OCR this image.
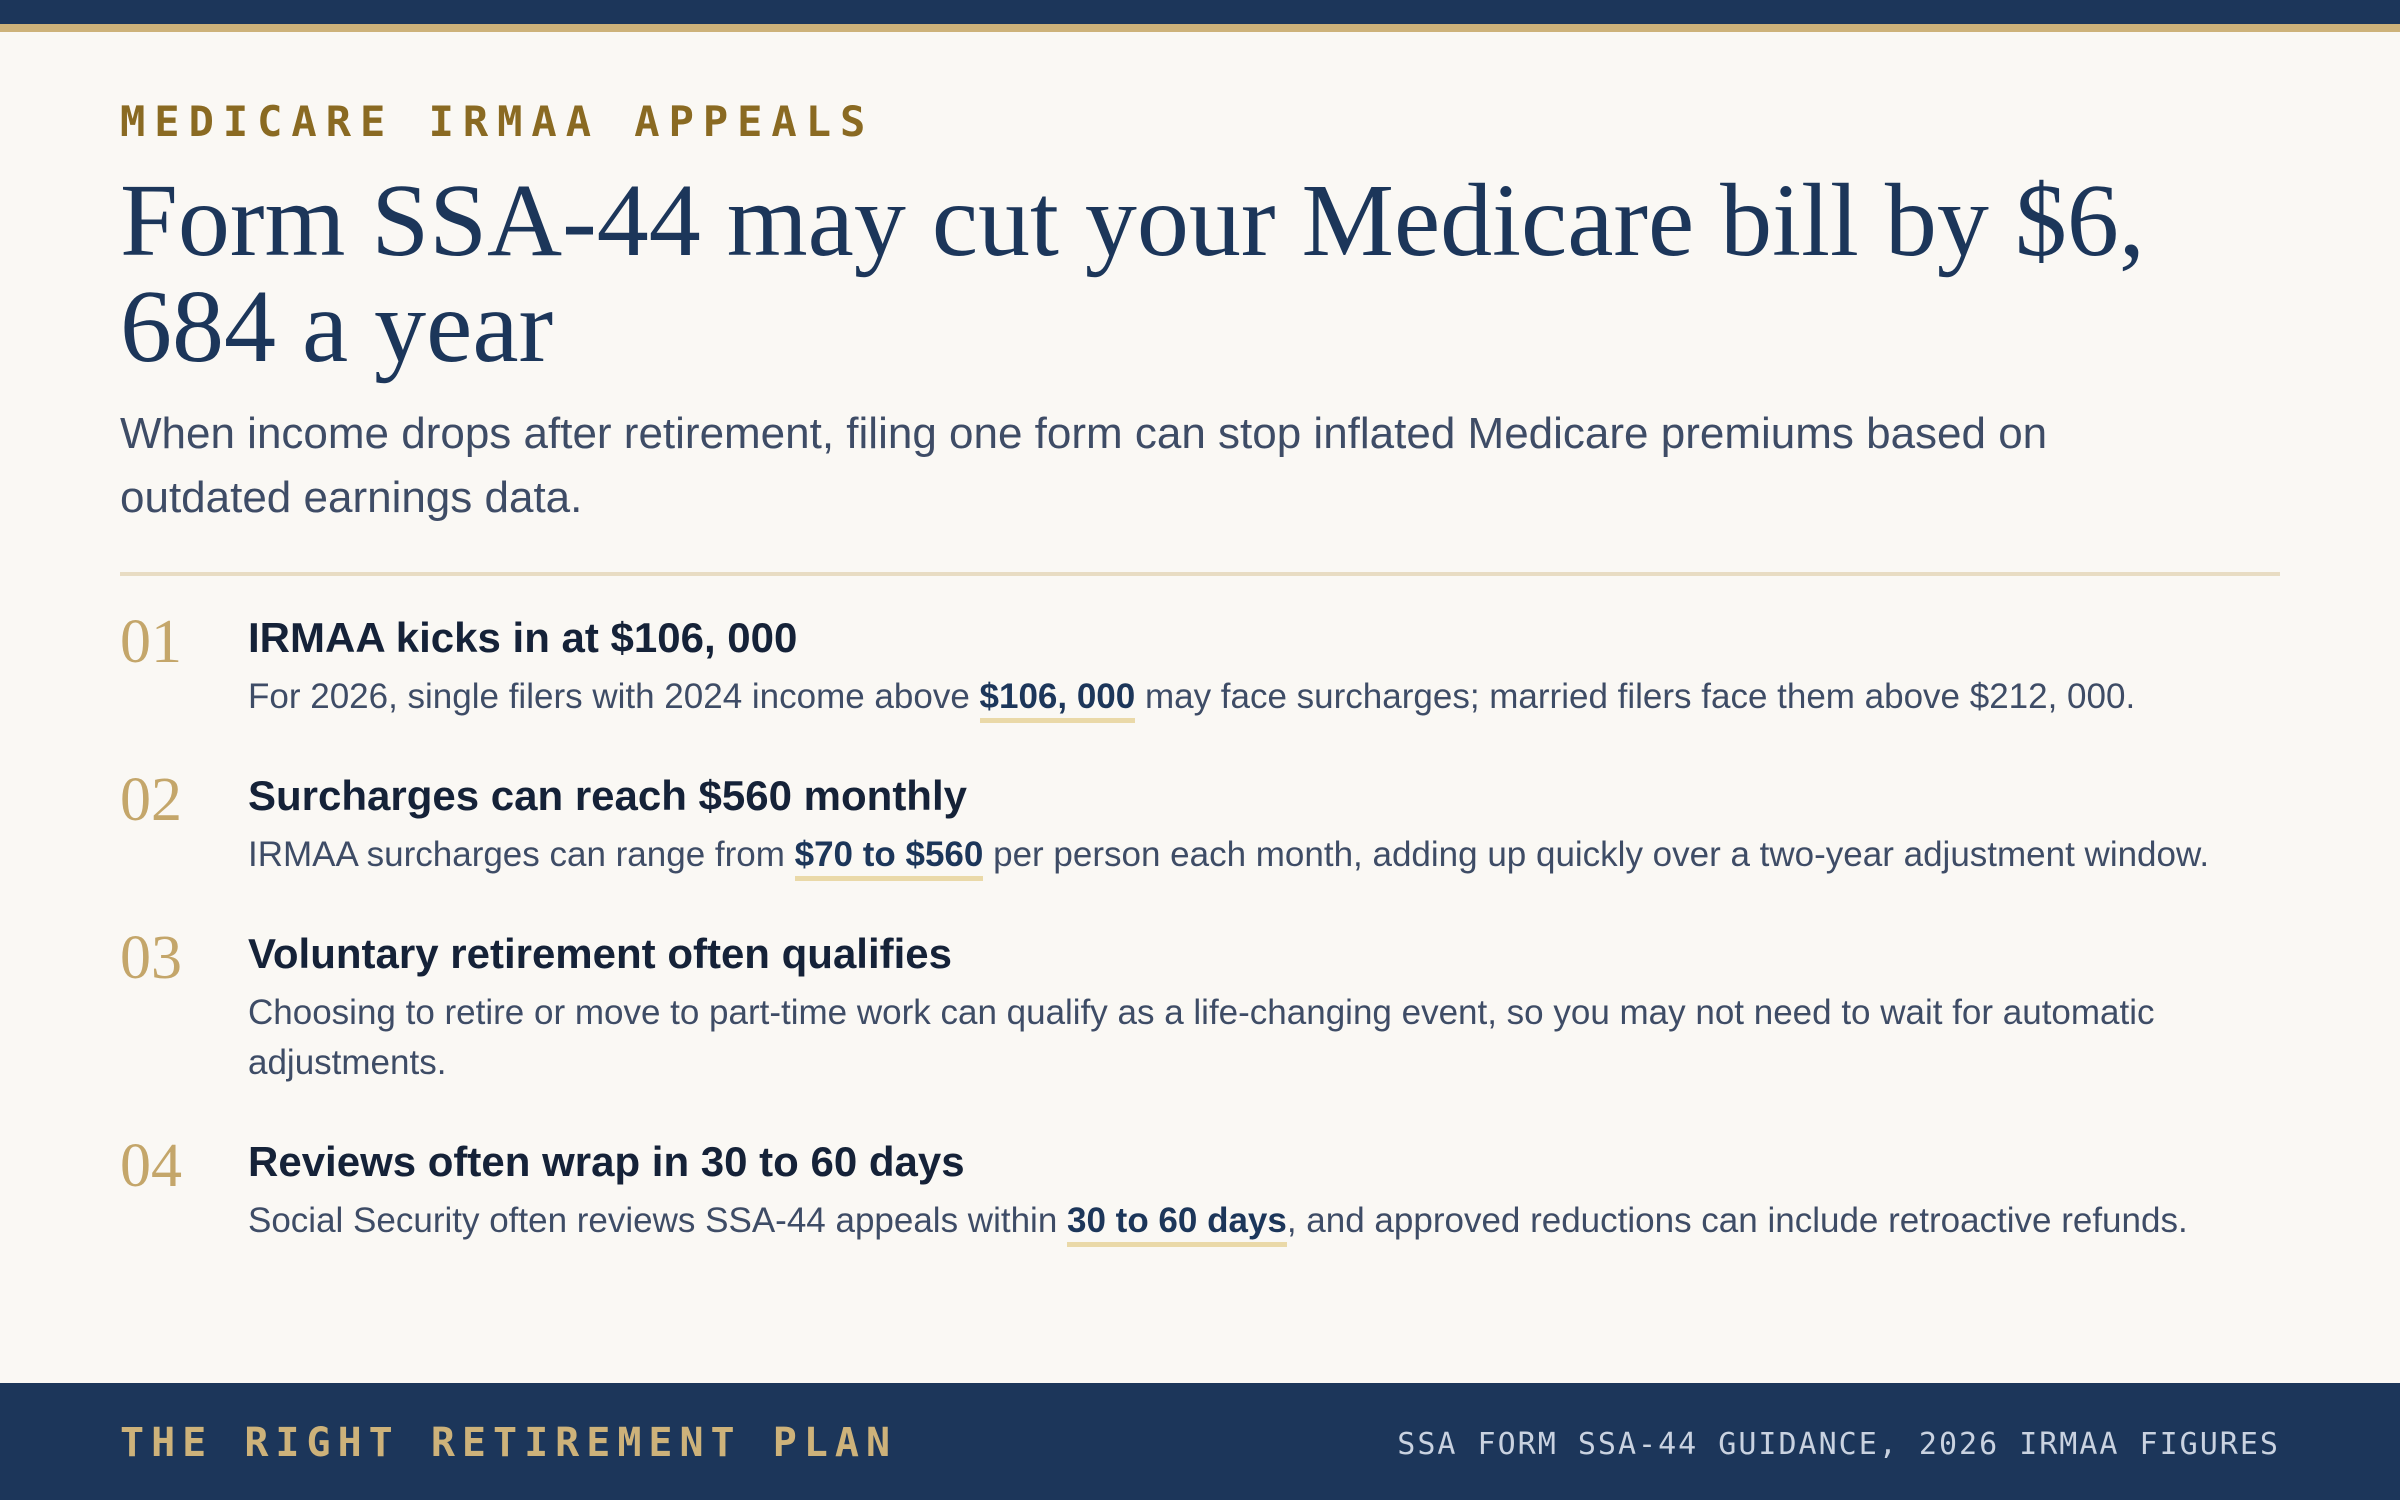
MEDICARE IRMAA APPEALS
Form SSA-44 may cut your Medicare bill by $6, 684 a year

When income drops after retirement, filing one form can stop inflated Medicare premiums based on outdated earnings data.

01 IRMAA kicks in at $106, 000
For 2026, single filers with 2024 income above $106, 000 may face surcharges; married filers face them above $212, 000.
02 Surcharges can reach $560 monthly
IRMAA surcharges can range from $70 to $560 per person each month, adding up quickly over a two-year adjustment window.
03 Voluntary retirement often qualifies
Choosing to retire or move to part-time work can qualify as a life-changing event, so you may not need to wait for automatic adjustments.
04 Reviews often wrap in 30 to 60 days
Social Security often reviews SSA-44 appeals within 30 to 60 days, and approved reductions can include retroactive refunds.
THE RIGHT RETIREMENT PLAN	SSA FORM SSA-44 GUIDANCE, 2026 IRMAA FIGURES
